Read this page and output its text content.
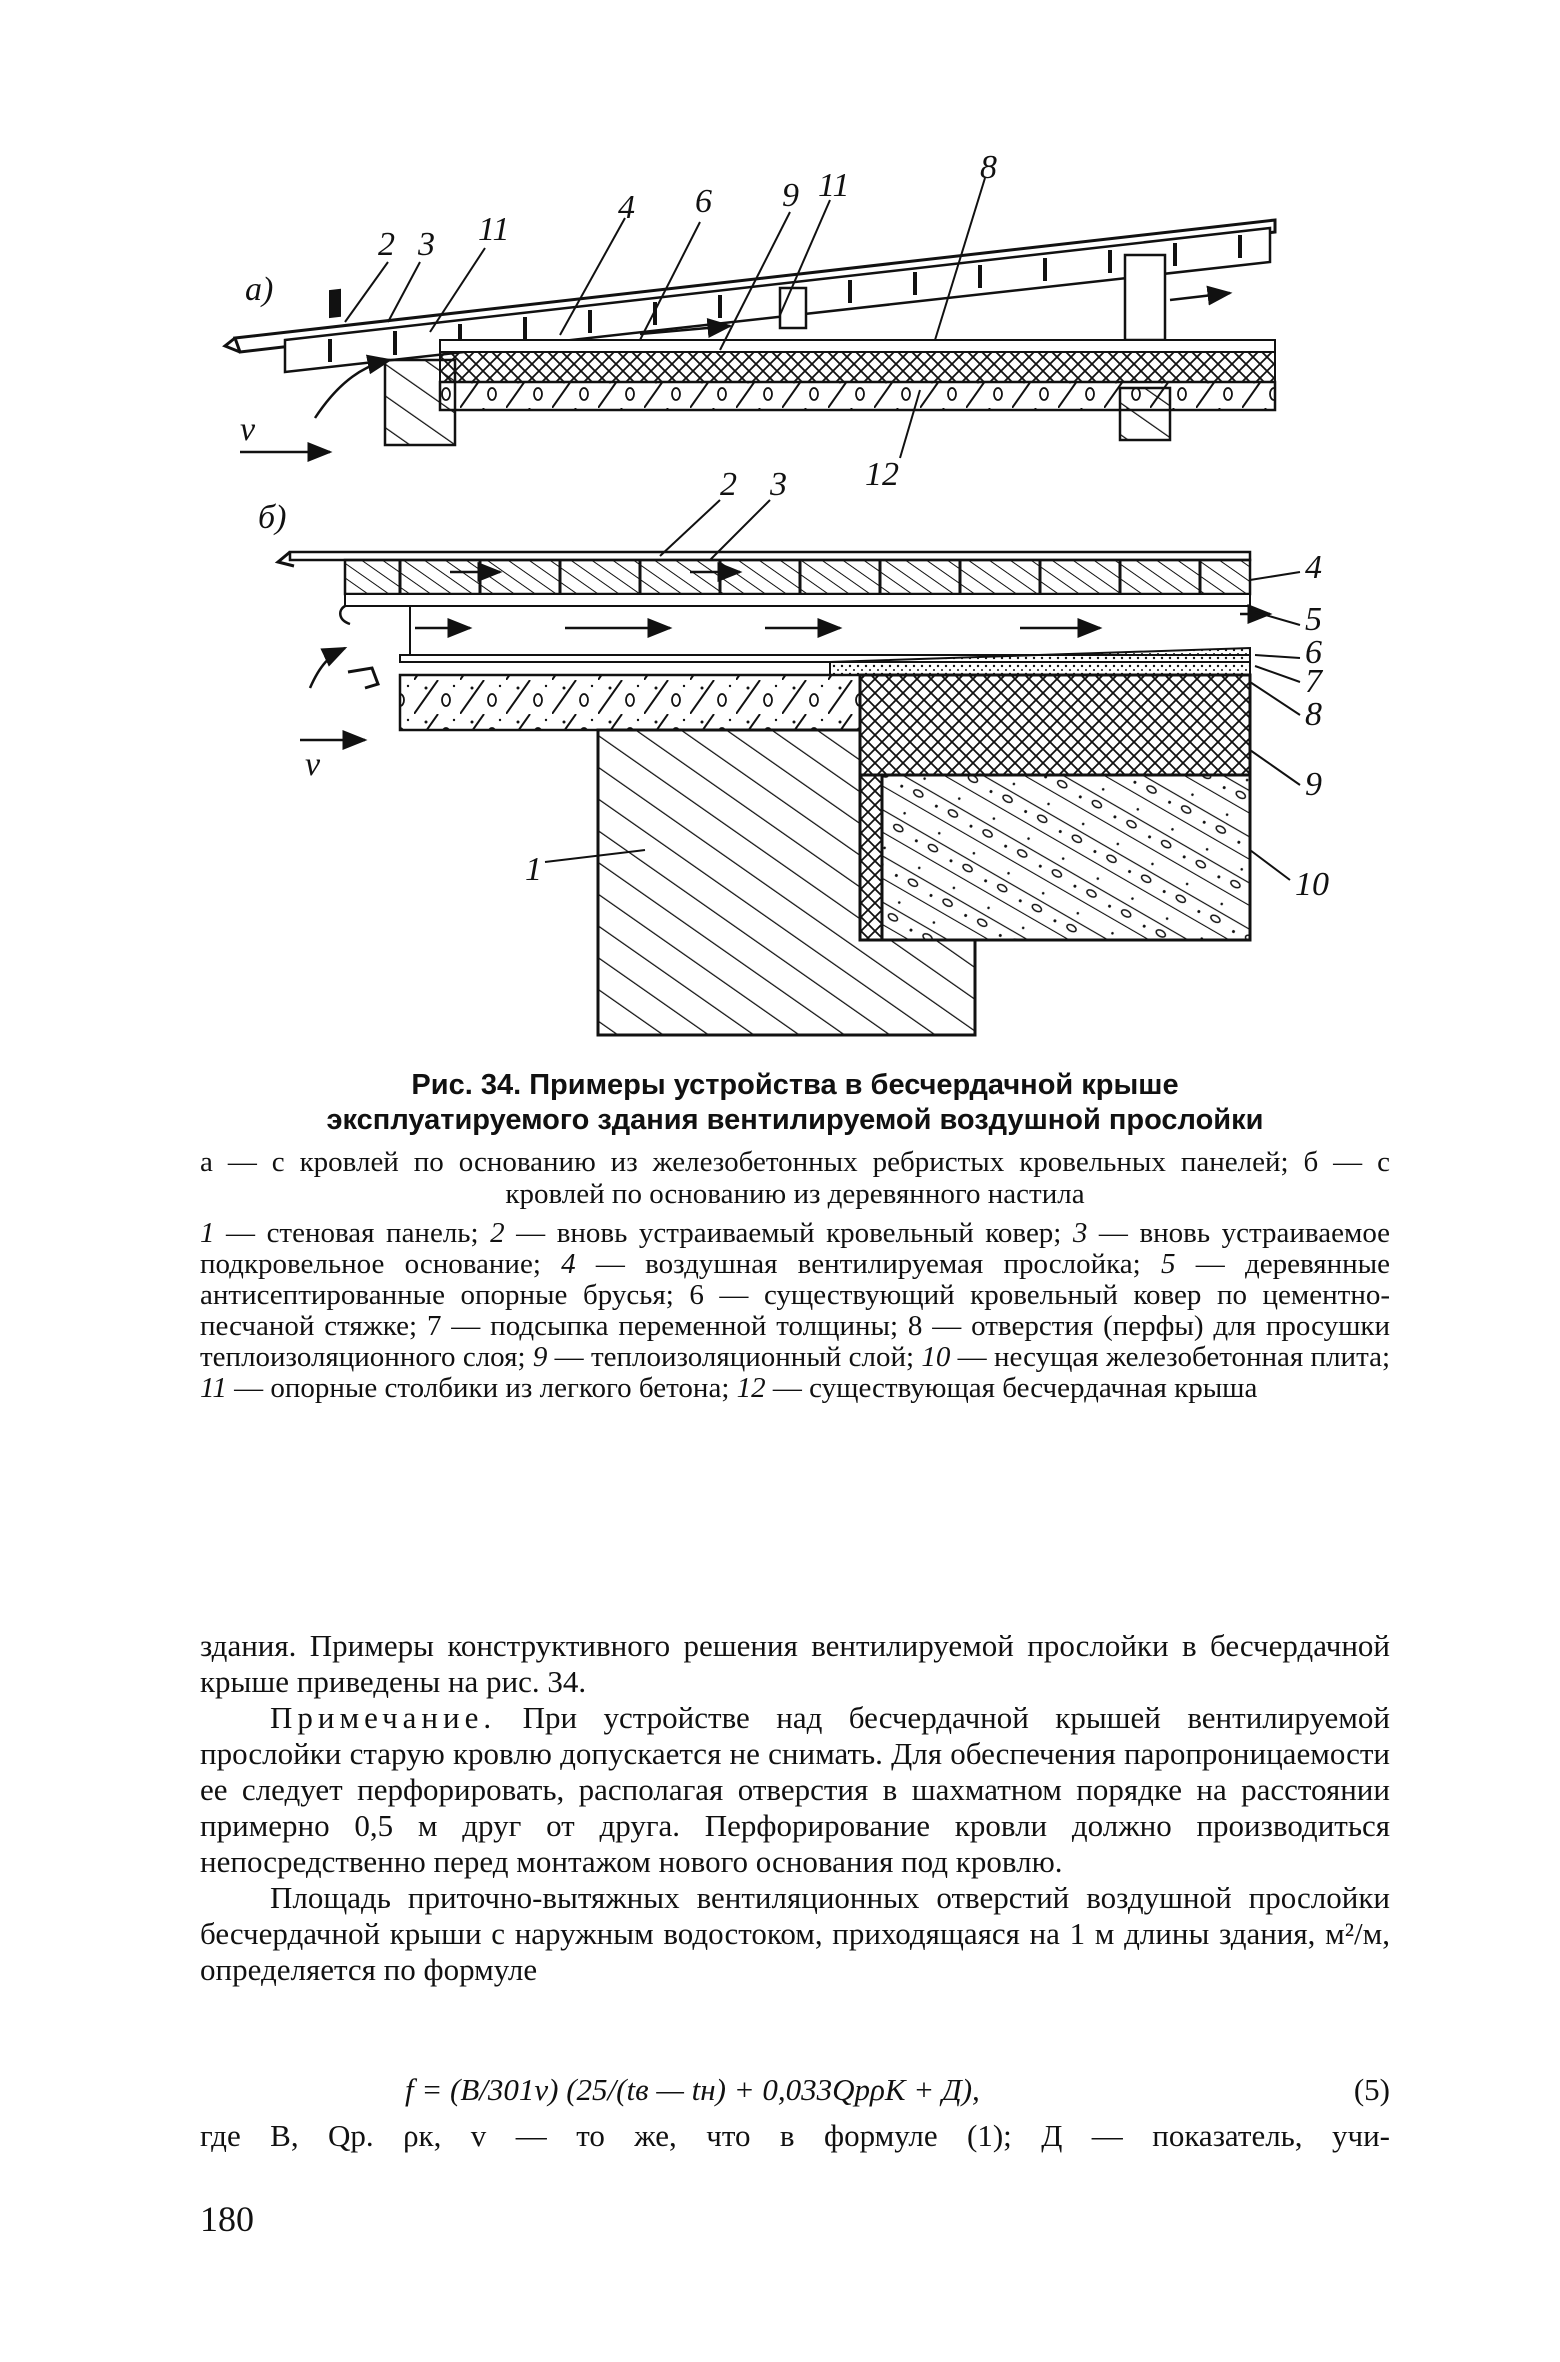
а)
v
2 3 11
4 6 9 11	8
12
б)
v
2 3
4
5
6
7
8
9
10
1

Рис. 34. Примеры устройства в бесчердачной крыше

эксплуатируемого здания вентилируемой воздушной прослойки

а — с кровлей по основанию из железобетонных ребристых кровельных панелей; б — с кровлей по основанию из деревянного настила

1 — стеновая панель; 2 — вновь устраиваемый кровельный ковер; 3 — вновь устраиваемое подкровельное основание; 4 — воздушная вентилируемая прослойка; 5 — деревянные антисептированные опорные брусья; 6 — существующий кровельный ковер по цементно-песчаной стяжке; 7 — подсыпка переменной толщины; 8 — отверстия (перфы) для просушки теплоизоляционного слоя; 9 — теплоизоляционный слой; 10 — несущая железобетонная плита; 11 — опорные столбики из легкого бетона; 12 — существующая бесчердачная крыша

здания. Примеры конструктивного решения вентилируемой прослойки в бесчердачной крыше приведены на рис. 34.

Примечание. При устройстве над бесчердачной крышей вентилируемой прослойки старую кровлю допускается не снимать. Для обеспечения паропроницаемости ее следует перфорировать, располагая отверстия в шахматном порядке на расстоянии примерно 0,5 м друг от друга. Перфорирование кровли должно производиться непосредственно перед монтажом нового основания под кровлю.

Площадь приточно-вытяжных вентиляционных отверстий воздушной прослойки бесчердачной крыши с наружным водостоком, приходящаяся на 1 м длины здания, м²/м, определяется по формуле

f = (B/301v) (25/(tв — tн) + 0,033QрρK + Д),	(5)
где B, Qр. ρк, v — то же, что в формуле (1); Д — показатель, учи-
180
